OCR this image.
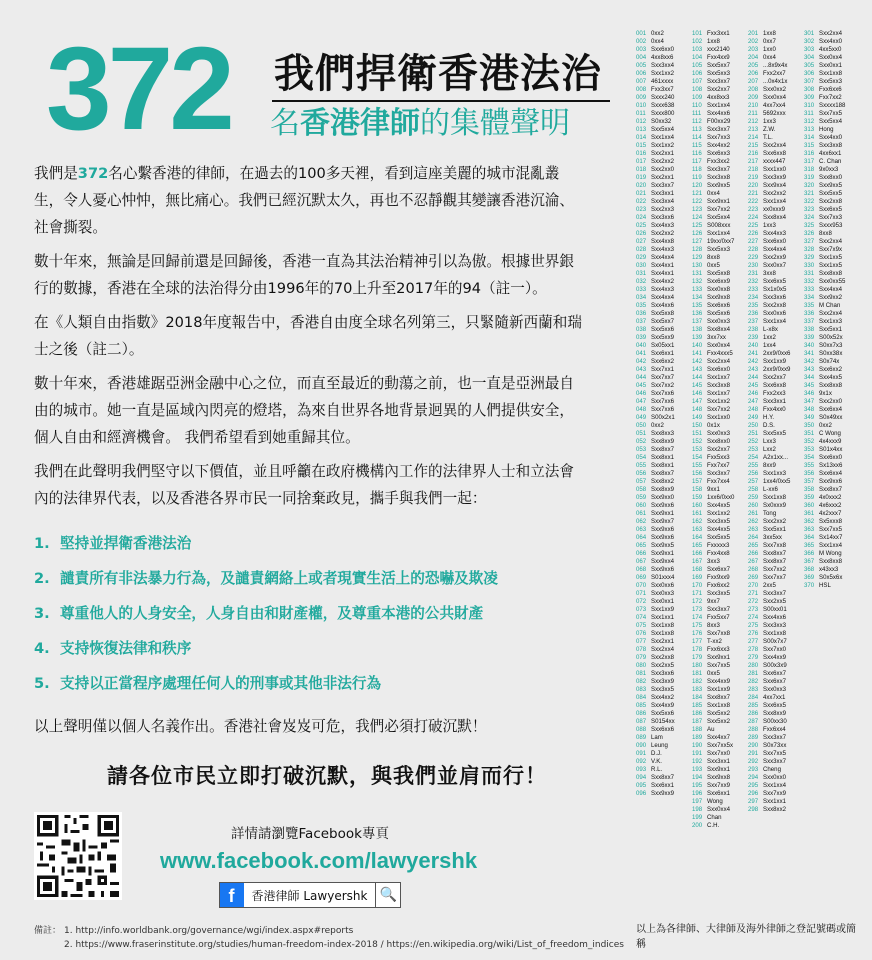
372 我們捍衛香港法治
名香港律師的集體聲明

我們是372名心繫香港的律師，在過去的100多天裡，看到這座美麗的城市混亂叢生，令人憂心忡忡，無比痛心。我們已經沉默太久，再也不忍靜觀其變讓香港沉淪、社會撕裂。

數十年來，無論是回歸前還是回歸後，香港一直為其法治精神引以為傲。根據世界銀行的數據，香港在全球的法治得分由1996年的70上升至2017年的94（註一）。

在《人類自由指數》2018年度報告中，香港自由度全球名列第三，只緊隨新西蘭和瑞士之後（註二）。

數十年來，香港雄踞亞洲金融中心之位，而直至最近的動蕩之前，也一直是亞洲最自由的城市。她一直是區域內閃亮的燈塔，為來自世界各地背景迥異的人們提供安全，個人自由和經濟機會。 我們希望看到她重歸其位。

我們在此聲明我們堅守以下價值，並且呼籲在政府機構內工作的法律界人士和立法會內的法律界代表，以及香港各界市民一同捨棄政見，攜手與我們一起：

1. 堅持並捍衛香港法治
2. 譴責所有非法暴力行為，及譴責網絡上或者現實生活上的恐嚇及欺凌
3. 尊重他人的人身安全，人身自由和財產權，及尊重本港的公共財產
4. 支持恢復法律和秩序
5. 支持以正當程序處理任何人的刑事或其他非法行為

以上聲明僅以個人名義作出。香港社會岌岌可危，我們必須打破沉默！

請各位市民立即打破沉默，與我們並肩而行！
詳情請瀏覽Facebook專頁
www.facebook.com/lawyershk
f	香港律師 Lawyershk 🔍
備註： 1. http://info.worldbank.org/governance/wgi/index.aspx#reports
2. https://www.fraserinstitute.org/studies/human-freedom-index-2018 / https://en.wikipedia.org/wiki/List_of_freedom_indices
001 0xx2
002 0xx4
003 Sxx6xx0
004 4xx8xx6
005 Sxx3xx4
006 Sxx1xx2
007 461xxxx
008 Fxx3xx7
009 Sxxx240
010 Sxxx638
011 Sxxx800
012 S0xx32
013 Sxx5xx4
014 Sxx1xx4
015 Sxx1xx2
016 Sxx2xx1
017 Sxx2xx2
018 Sxx2xx0
019 Sxx2xx1
020 Sxx3xx7
021 Sxx3xx1
022 Sxx3xx4
023 Sxx2xx3
024 Sxx3xx6
025 Sxx4xx3
026 Sxx2xx2
027 Sxx4xx8
028 Sxx4xx3
029 Sxx4xx4
030 Sxx4xx1
031 Sxx4xx1
032 Sxx4xx2
033 Sxx4xx3
034 Sxx4xx4
035 Sxx4xx6
036 Sxx5xx8
037 Sxx5xx7
038 Sxx5xx6
039 Sxx5xx9
040 Sx05xx1
041 Sxx6xx1
042 Sxx6xx2
043 Sxx7xx1
044 Sxx7xx7
045 Sxx7xx2
046 Sxx7xx6
047 Sxx7xx6
048 Sxx7xx6
049 S00x2x1
050 0xx2
051 Sxx8xx3
052 Sxx8xx9
053 Sxx8xx7
054 Sxx8xx1
055 Sxx8xx1
056 Sxx8xx7
057 Sxx8xx2
058 Sxx8xx9
059 Sxx9xx0
060 Sxx9xx6
061 Sxx9xx1
062 Sxx9xx7
063 Sxx9xx6
064 Sxx9xx6
065 Sxx9xx5
066 Sxx9xx1
067 Sxx9xx4
068 Sxx9xx6
069 S01xxx4
070 Sxx0xx6
071 Sxx0xx3
072 Sxx0xx1
073 Sxx1xx9
074 Sxx1xx1
075 Sxx1xx8
076 Sxx1xx8
077 Sxx2xx1
078 Sxx2xx4
079 Sxx2xx8
080 Sxx2xx5
081 Sxx3xx6
082 Sxx3xx9
083 Sxx3xx5
084 Sxx4xx2
085 Sxx4xx9
086 Sxx5xx6
087 S0154xx
088 Sxx6xx6
089 Lam
090 Leung
091 D.J.
092 V.K.
093 R.L.
094 Sxx8xx7
095 Sxx6xx1
096 Sxx9xx9
101 Fxx3xx1
102 1xx8
103 xxx2140
104 Fxx4xx9
105 Sxx5xx7
106 Sxx5xx3
107 Sxx3xx7
108 Sxx2xx7
109 4xx8xx3
110 Sxx1xx4
111 Sxx4xx6
112 F00xx29
113 Sxx3xx7
114 Sxx7xx3
115 Sxx4xx2
116 Sxx6xx3
117 Fxx3xx2
118 Sxx3xx7
119 Sxx3xx8
120 Sxx9xx5
121 0xx4
122 Sxx9xx1
123 Sxx7xx2
124 Sxx5xx4
125 S008xxx
126 Sxx1xx4
127 19xx/0xx7
128 Sxx5xx3
129 8xx8
130 0xx5
131 Sxx5xx8
132 Sxx6xx9
133 Sxx0xx8
134 Sxx9xx8
135 Sxx6xx6
136 Sxx5xx6
137 Sxx0xx3
138 Sxx8xx4
139 3xx7xx
140 Sxx0xx4
141 Fxx4xxx5
142 Sxx2xx4
143 Sxx6xx0
144 Sxx1xx7
145 Sxx3xx8
146 Sxx1xx7
147 Sxx1xx2
148 Sxx7xx2
149 Sxx1xx0
150 0x1x
151 Sxx0xx3
152 Sxx8xx0
153 Sxx2xx7
154 Fxx5xx3
155 Fxx7xx7
156 Sxx3xx7
157 Fxx7xx4
158 9xx1
159 1xx6/0xx0
160 Sxx4xx5
161 Sxx1xx2
162 Sxx3xx5
163 Sxx4xx5
164 Sxx5xx5
165 Fxxxxx3
166 Fxx4xx8
167 3xx3
168 Sxx6xx7
169 Fxx9xx9
170 Fxx6xx2
171 Sxx3xx5
172 9xx7
173 Sxx3xx7
174 Fxx5xx7
175 8xx3
176 Sxx7xx8
177 T-xx2
178 Fxx6xx3
179 Sxx9xx1
180 Sxx7xx5
181 0xx5
182 Sxx4xx9
183 Sxx1xx9
184 Sxx8xx7
185 Sxx1xx8
186 Sxx5xx2
187 Sxx5xx2
188 Au
189 Sxx4xx7
190 Sxx7xx5x
191 Sxx7xx0
192 Sxx3xx1
193 Sxx9xx1
194 Sxx9xx8
195 Sxx7xx9
196 Sxx6xx1
197 Wong
198 Sxx0xx4
199 Chan
200 C.H.
201 1xx8
202 0xx7
203 1xx0
204 0xx4
205 ...8x9x4x
206 Fxx2xx7
207 ...0x4x1x
208 Sxx0xx2
209 Sxx0xx4
210 4xx7xx4
211 5692xxx
212 1xx3
213 Z.W.
214 T.L.
215 Sxx2xx4
216 Sxx6xx8
217 xxxx447
218 Sxx1xx0
219 Sxx3xx9
220 Sxx9xx4
221 Sxx2xx2
222 Sxx1xx4
223 xx0xxx9
224 Sxx8xx4
225 1xx3
226 Sxx4xx3
227 Sxx6xx0
228 Sxx4xx4
229 Sxx2xx9
230 Sxx0xx7
231 3xx8
232 Sxx6xx5
233 Sx1x0x5
234 Sxx3xx6
235 Sxx2xx8
236 Sxx0xx6
237 Sxx1xx4
238 L-x8x
239 1xx2
240 1xx4
241 2xx9/0xx6
242 Sxx1xx9
243 2xx9/0xx9
244 Sxx2xx7
245 Sxx6xx8
246 Fxx2xx3
247 Sxx3xx1
248 Fxx4xx0
249 H.Y.
250 D.S.
251 Sxx5xx5
252 Lxx3
253 Lxx2
254 A2x1xx...
255 8xx9
256 Sxx1xx3
257 1xx4/0xx5
258 L-xx6
259 Sxx1xx8
260 Sx0xxx9
261 Tong
262 Sxx2xx2
263 Sxx5xx1
264 3xx5xx
265 Sxx7xx8
266 Sxx8xx7
267 Sxx8xx7
268 Sxx7xx2
269 Sxx7xx7
270 2xx5
271 Sxx3xx7
272 Sxx2xx5
273 S00xx01
274 Sxx4xx6
275 Sxx3xx3
276 Sxx1xx8
277 S00x7x7
278 Sxx7xx0
279 Sxx4xx9
280 S00x3x9
281 Sxx6xx7
282 Sxx6xx7
283 Sxx0xx3
284 4xx7xx1
285 Sxx6xx5
286 Sxx8xx9
287 S00xx30
288 Fxx6xx4
289 Sxx3xx7
290 S0x73xx
291 Sxx7xx5
292 Sxx3xx7
293 Cheng
294 Sxx0xx0
295 Sxx1xx4
296 Sxx7xx9
297 Sxx1xx1
298 Sxx8xx2
301 Sxx2xx4
302 Sxx4xx0
303 4xx5xx0
304 Sxx0xx4
305 Sxx0xx1
306 Sxx1xx8
307 Sxx5xx3
308 Fxx6xx6
309 Fxx7xx2
310 Sxxxx188
311 Sxx7xx5
312 Sxx5xx4
313 Hong
314 Sxx4xx0
315 Sxx3xx8
316 4xx6xx1
317 C. Chan
318 9x0xx3
319 Sxx8xx0
320 Sxx9xx5
321 Sxx5xx5
322 Sxx2xx8
323 Sxx6xx5
324 Sxx7xx3
325 Sxxx953
326 8xx8
327 Sxx2xx4
328 Sxx7x9x
329 Sxx1xx5
330 Sxx1xx5
331 Sxx8xx8
332 Sxx0xx55
333 Sxx4xx4
334 Sxx9xx2
335 M Chan
336 Sxx2xx4
337 Sxx1xx3
338 Sxx5xx1
339 S00x52x
340 S0xx7x3
341 S0xx38x
342 S0x74x
343 Sxx6xx2
344 Sxx4xx5
345 Sxx8xx8
346 9x1x
347 Sxx2xx0
348 Sxx6xx4
349 S0x49xx
350 0xx2
351 C Wong
352 4x4xxx9
353 S01x4xx
354 Sxx6xx0
355 Sx13xx6
356 Sxx6xx4
357 Sxx9xx6
358 Sxx8xx7
359 4x0xxx2
360 4x6xxx2
361 4x2xxx7
362 Sx5xxx8
363 Sxx7xx5
364 Sx14xx7
365 Sxx1xx4
366 M Wong
367 Sxx8xx8
368 x43xx3
369 S0x5x6x
370 HSL
以上為各律師、大律師及海外律師之登記號碼或簡稱
